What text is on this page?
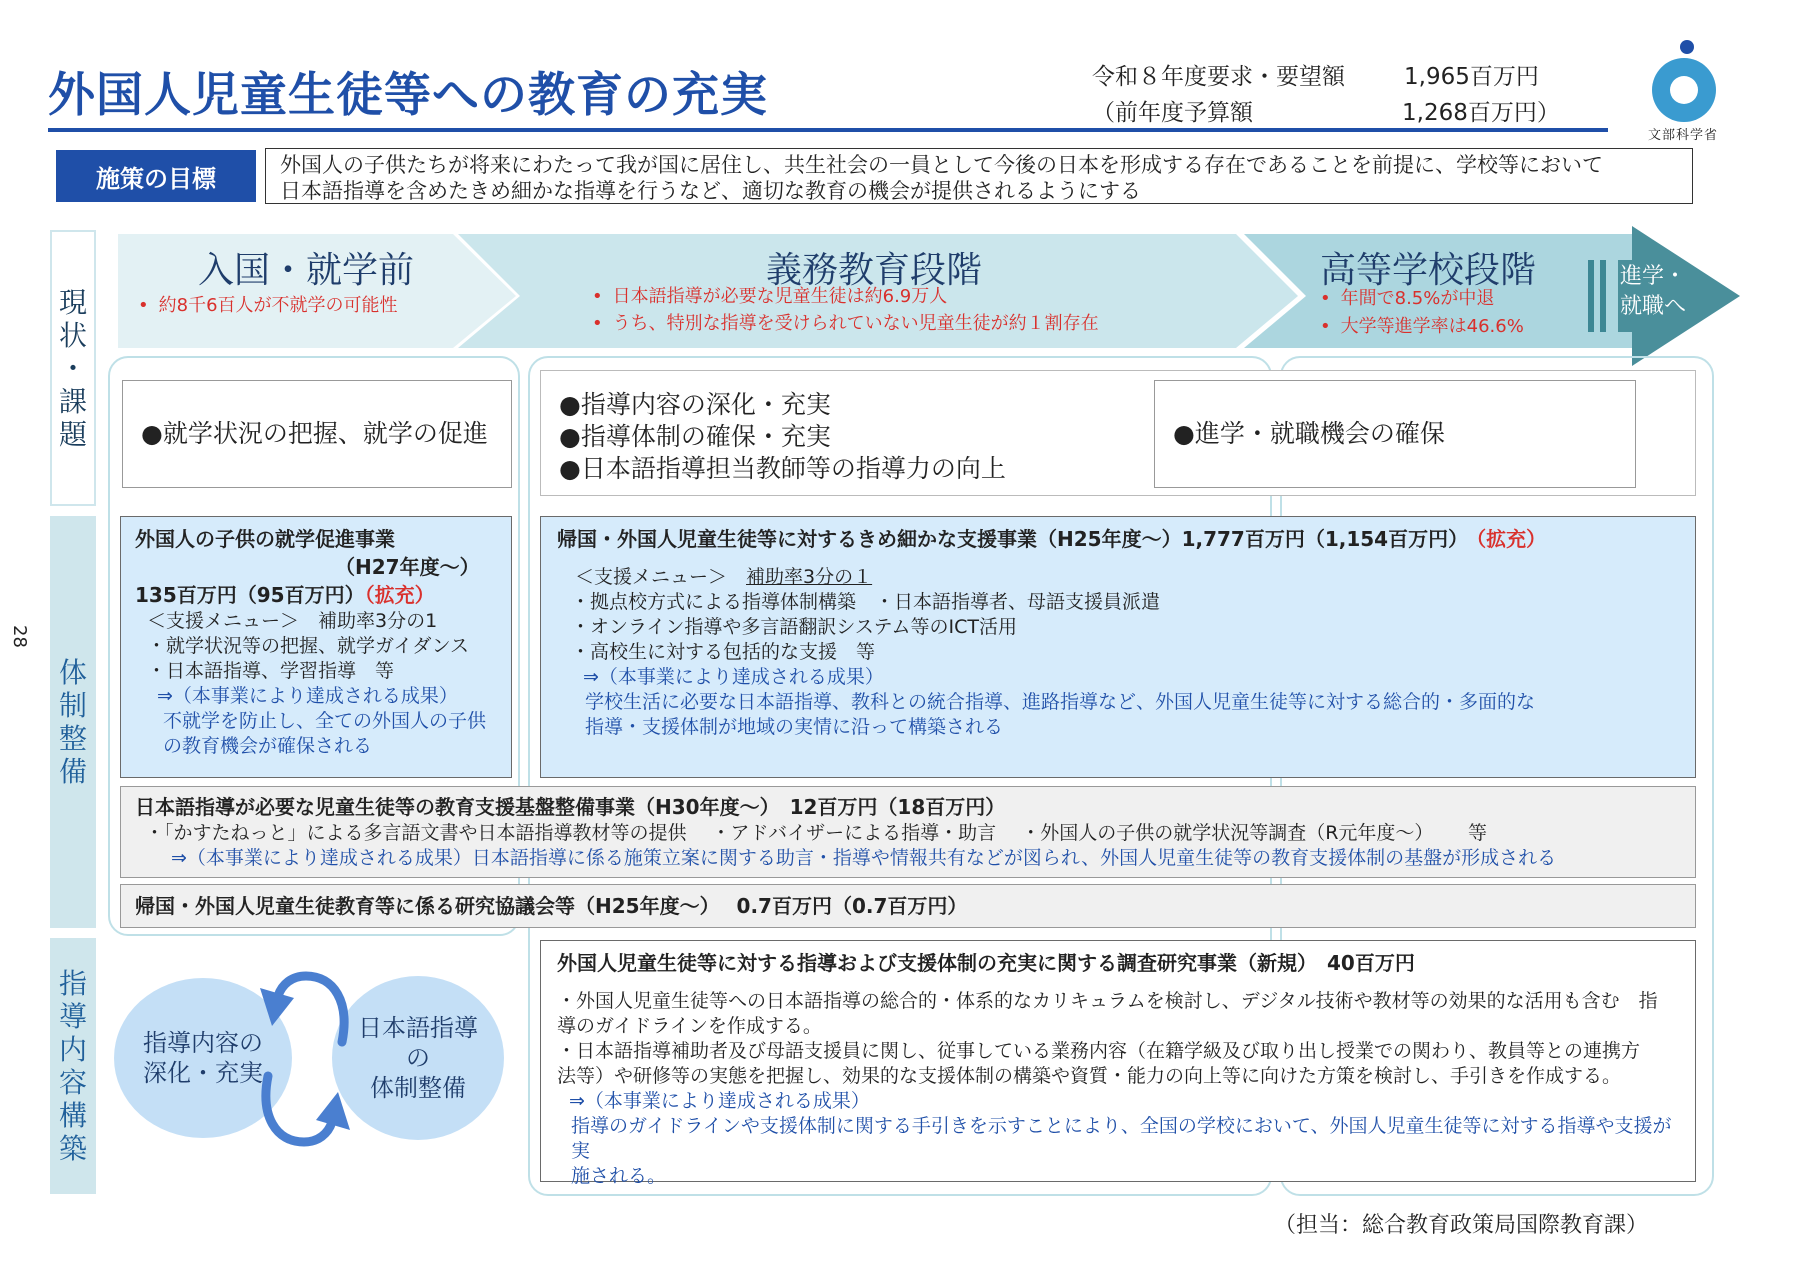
外国人児童生徒等への教育の充実	令和８年度要求・要望額	1,965百万円
（前年度予算額	1,268百万円）
文部科学省
28
施策の目標	外国人の子供たちが将来にわたって我が国に居住し、共生社会の一員として今後の日本を形成する存在であることを前提に、学校等において
日本語指導を含めたきめ細かな指導を行うなど、適切な教育の機会が提供されるようにする
現
状
・
課
題
体
制
整
備
指
導
内
容
構
築
入国・就学前
• 約8千6百人が不就学の可能性
義務教育段階
• 日本語指導が必要な児童生徒は約6.9万人
• うち、特別な指導を受けられていない児童生徒が約１割存在
高等学校段階
• 年間で8.5%が中退
• 大学等進学率は46.6%
進学・
就職へ
●就学状況の把握、就学の促進
●指導内容の深化・充実
●指導体制の確保・充実
●日本語指導担当教師等の指導力の向上
●進学・就職機会の確保
外国人の子供の就学促進事業
（H27年度～）
135百万円（95百万円）（拡充）
＜支援メニュー＞　補助率3分の1
・就学状況等の把握、就学ガイダンス
・日本語指導、学習指導　等
⇒（本事業により達成される成果）
不就学を防止し、全ての外国人の子供
の教育機会が確保される
帰国・外国人児童生徒等に対するきめ細かな支援事業（H25年度～）1,777百万円（1,154百万円） （拡充）
＜支援メニュー＞　補助率3分の１
・拠点校方式による指導体制構築　・日本語指導者、母語支援員派遣
・オンライン指導や多言語翻訳システム等のICT活用
・高校生に対する包括的な支援　等
⇒（本事業により達成される成果）
学校生活に必要な日本語指導、教科との統合指導、進路指導など、外国人児童生徒等に対する総合的・多面的な
指導・支援体制が地域の実情に沿って構築される
日本語指導が必要な児童生徒等の教育支援基盤整備事業（H30年度～）　12百万円（18百万円）
・「かすたねっと」による多言語文書や日本語指導教材等の提供　 ・アドバイザーによる指導・助言　 ・外国人の子供の就学状況等調査（R元年度～）　　 等
⇒（本事業により達成される成果）日本語指導に係る施策立案に関する助言・指導や情報共有などが図られ、外国人児童生徒等の教育支援体制の基盤が形成される
帰国・外国人児童生徒教育等に係る研究協議会等（H25年度～）　 0.7百万円（0.7百万円）
指導内容の
深化・充実
日本語指導
の
体制整備
外国人児童生徒等に対する指導および支援体制の充実に関する調査研究事業（新規）　40百万円
・外国人児童生徒等への日本語指導の総合的・体系的なカリキュラムを検討し、デジタル技術や教材等の効果的な活用も含む　指
導のガイドラインを作成する。
・日本語指導補助者及び母語支援員に関し、従事している業務内容（在籍学級及び取り出し授業での関わり、教員等との連携方
法等）や研修等の実態を把握し、効果的な支援体制の構築や資質・能力の向上等に向けた方策を検討し、手引きを作成する。
⇒（本事業により達成される成果）
指導のガイドラインや支援体制に関する手引きを示すことにより、全国の学校において、外国人児童生徒等に対する指導や支援が実
施される。
（担当：総合教育政策局国際教育課）
